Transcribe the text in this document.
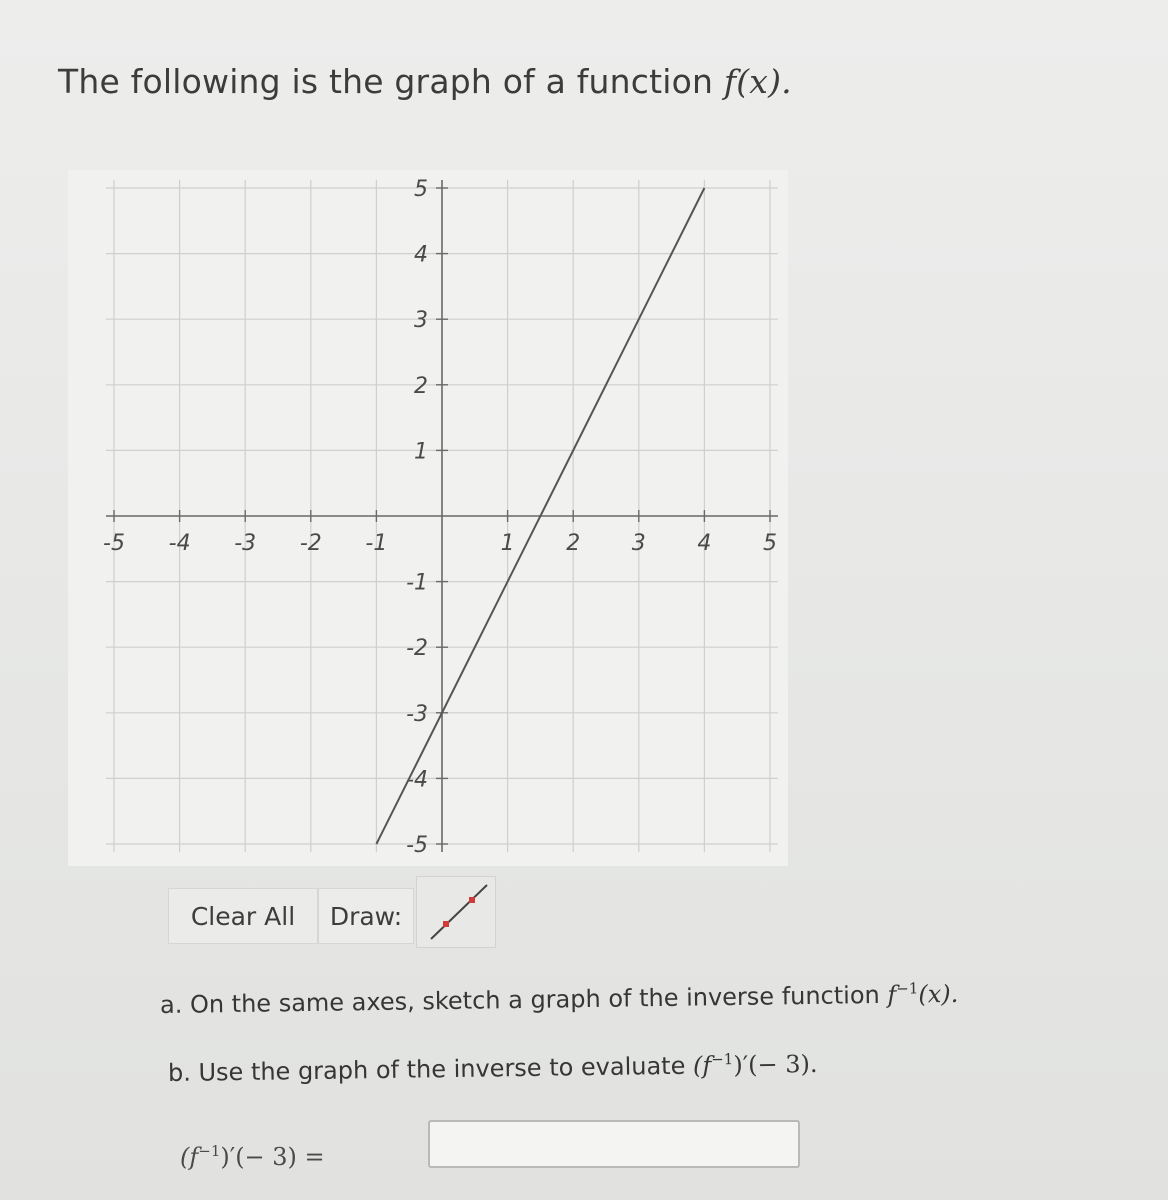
The following is the graph of a function f(x).
-5 -4 -3 -2 -1	1 2 3 4 5
5
4
3
2
1
-1
-2
-3
-4
-5
Clear All	Draw:
a. On the same axes, sketch a graph of the inverse function $f^{-1}(x)$.
b. Use the graph of the inverse to evaluate $(f^{-1})'(- 3)$.
$(f^{-1})'(- 3)$ =
